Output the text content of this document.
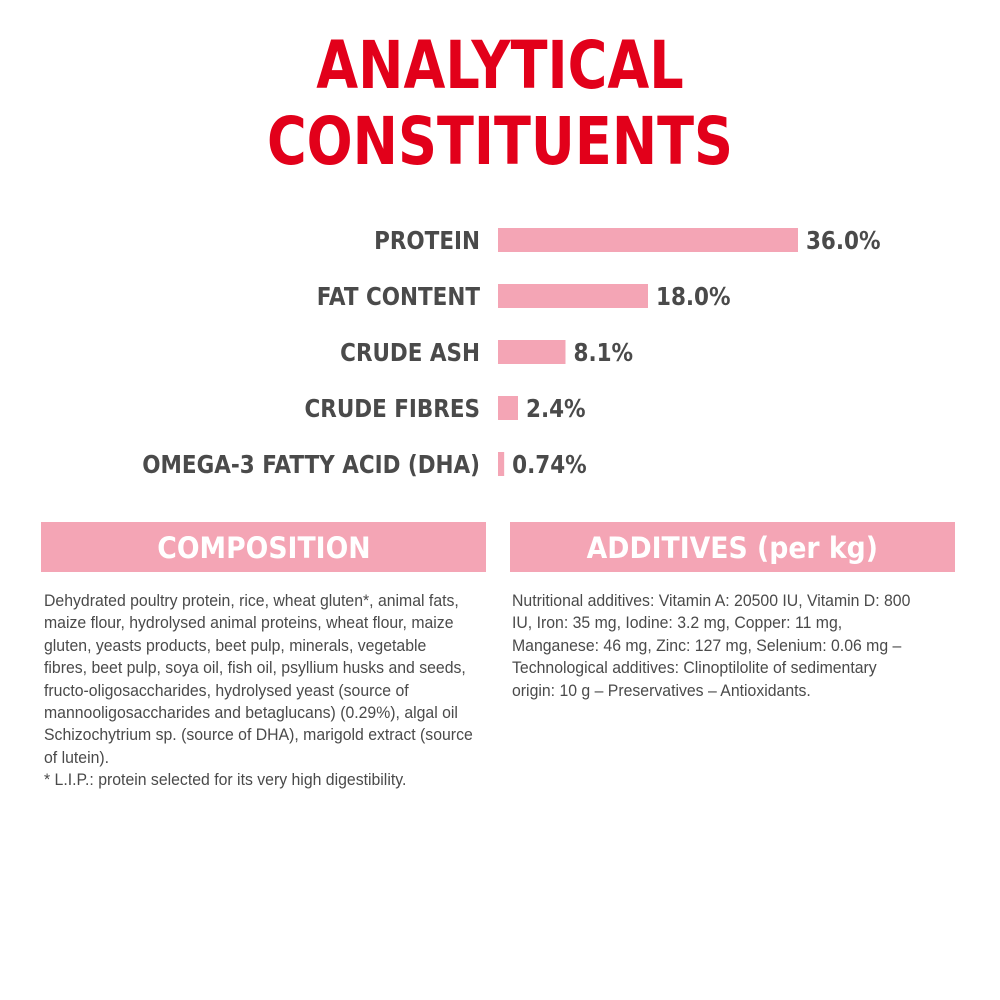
ANALYTICAL
CONSTITUENTS
PROTEIN	36.0%
FAT CONTENT	18.0%
CRUDE ASH	8.1%
CRUDE FIBRES 2.4%
OMEGA-3 FATTY ACID (DHA) 0.74%
COMPOSITION	ADDITIVES (per kg)
Dehydrated poultry protein, rice, wheat gluten*, animal fats, maize flour, hydrolysed animal proteins, wheat flour, maize gluten, yeasts products, beet pulp, minerals, vegetable fibres, beet pulp, soya oil, fish oil, psyllium husks and seeds, fructo-oligosaccharides, hydrolysed yeast (source of mannooligosaccharides and betaglucans) (0.29%), algal oil Schizochytrium sp. (source of DHA), marigold extract (source of lutein).
* L.I.P.: protein selected for its very high digestibility.
Nutritional additives: Vitamin A: 20500 IU, Vitamin D: 800 IU, Iron: 35 mg, Iodine: 3.2 mg, Copper: 11 mg, Manganese: 46 mg, Zinc: 127 mg, Selenium: 0.06 mg – Technological additives: Clinoptilolite of sedimentary origin: 10 g – Preservatives – Antioxidants.
